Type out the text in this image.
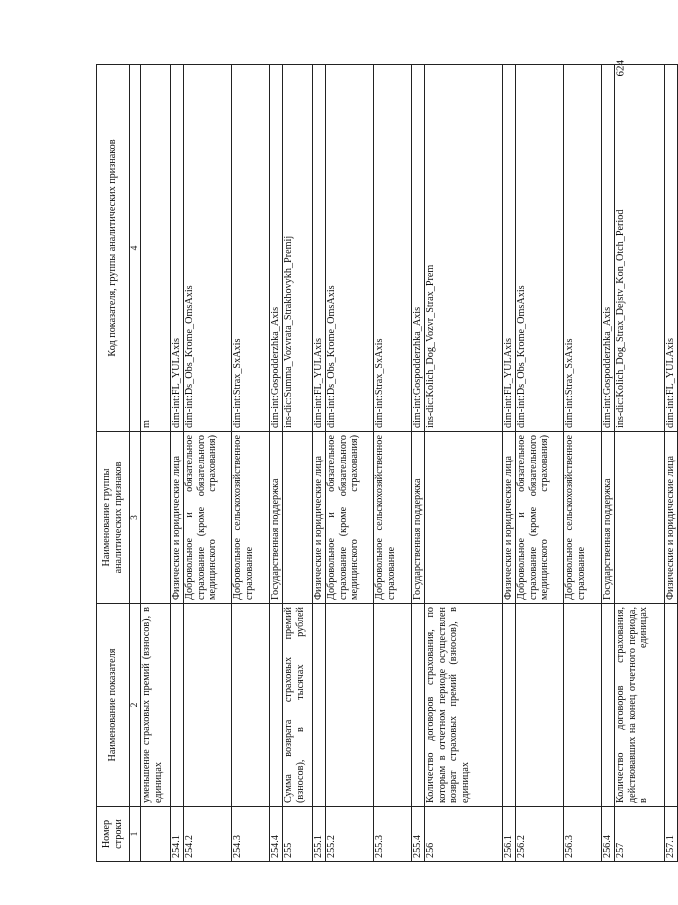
624
Номер строки	Наименование показателя	Наименование группы аналитических признаков	Код показателя, группы аналитических признаков
1	2	3	4
	уменьшение страховых премий (взносов), в единицах		m
254.1		Физические и юридические лица	dim-int:FL_YULAxis
254.2		Добровольное и обязательное страхование (кроме обязательного медицинского страхования)	dim-int:Ds_Obs_Krome_OmsAxis
254.3		Добровольное сельскохозяйственное страхование	dim-int:Strax_SxAxis
254.4		Государственная поддержка	dim-int:Gospodderzhka_Axis
255	Сумма возврата страховых премий (взносов), в тысячах рублей		ins-dic:Summa_Vozvrata_Strakhovykh_Premij
255.1		Физические и юридические лица	dim-int:FL_YULAxis
255.2		Добровольное и обязательное страхование (кроме обязательного медицинского страхования)	dim-int:Ds_Obs_Krome_OmsAxis
255.3		Добровольное сельскохозяйственное страхование	dim-int:Strax_SxAxis
255.4		Государственная поддержка	dim-int:Gospodderzhka_Axis
256	Количество договоров страхования, по которым в отчетном периоде осуществлен возврат страховых премий (взносов), в единицах		ins-dic:Kolich_Dog_Vozvr_Strax_Prem
256.1		Физические и юридические лица	dim-int:FL_YULAxis
256.2		Добровольное и обязательное страхование (кроме обязательного медицинского страхования)	dim-int:Ds_Obs_Krome_OmsAxis
256.3		Добровольное сельскохозяйственное страхование	dim-int:Strax_SxAxis
256.4		Государственная поддержка	dim-int:Gospodderzhka_Axis
257	Количество договоров страхования, действовавших на конец отчетного периода, в единицах		ins-dic:Kolich_Dog_Strax_Dejstv_Kon_Otch_Period
257.1		Физические и юридические лица	dim-int:FL_YULAxis
